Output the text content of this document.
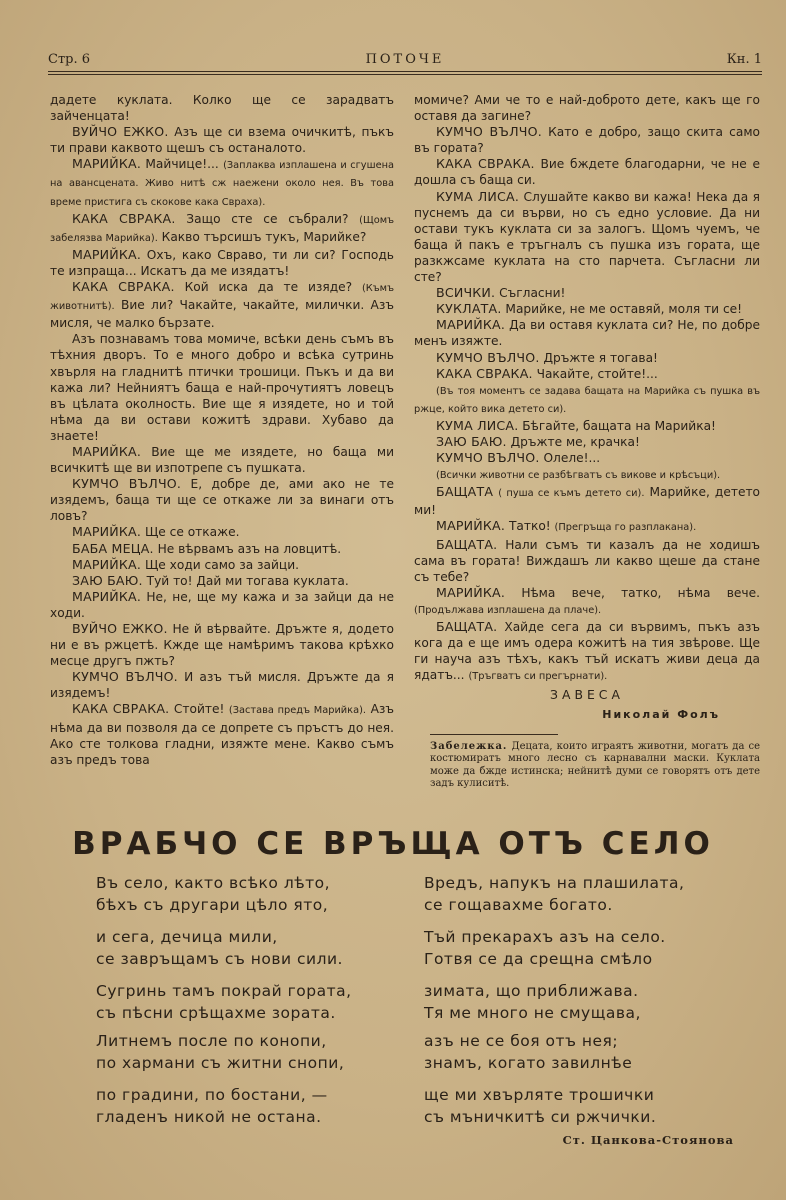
Стр. 6	ПОТОЧЕ	Кн. 1

дадете куклата. Колко ще се зарадватъ зайченцата!

ВУЙЧО ЕЖКО. Азъ ще си взема очичкитѣ, пъкъ ти прави каквото щешъ съ останалото.

МАРИЙКА. Майчице!... (Заплаква изплашена и сгушена на авансцената. Живо нитѣ сж наежени около нея. Въ това време пристига съ скокове кака Свраха).

КАКА СВРАКА. Защо сте се събрали? (Щомъ забелязва Марийка). Какво търсишъ тукъ, Марийке?

МАРИЙКА. Охъ, како Свраво, ти ли си? Господь те изпраща... Искатъ да ме изядатъ!

КАКА СВРАКА. Кой иска да те изяде? (Къмъ животнитѣ). Вие ли? Чакайте, чакайте, милички. Азъ мисля, че малко бързате.

Азъ познавамъ това момиче, всѣки день съмъ въ тѣхния дворъ. То е много добро и всѣка сутринь хвърля на гладнитѣ птички трошици. Пъкъ и да ви кажа ли? Нейниятъ баща е най-прочутиятъ ловецъ въ цѣлата околность. Вие ще я изядете, но и той нѣма да ви остави кожитѣ здрави. Хубаво да знаете!

МАРИЙКА. Вие ще ме изядете, но баща ми всичкитѣ ще ви изпотрепе съ пушката.

КУМЧО ВЪЛЧО. Е, добре де, ами ако не те изядемъ, баща ти ще се откаже ли за винаги отъ ловъ?

МАРИЙКА. Ще се откаже.

БАБА МЕЦА. Не вѣрвамъ азъ на ловцитѣ.

МАРИЙКА. Ще ходи само за зайци.

ЗАЮ БАЮ. Туй то! Дай ми тогава куклата.

МАРИЙКА. Не, не, ще му кажа и за зайци да не ходи.

ВУЙЧО ЕЖКО. Не й вѣрвайте. Дръжте я, додето ни е въ ржцетѣ. Кжде ще намѣримъ такова крѣхко месце другъ пжть?

КУМЧО ВЪЛЧО. И азъ тъй мисля. Дръжте да я изядемъ!

КАКА СВРАКА. Стойте! (Застава предъ Марийка). Азъ нѣма да ви позволя да се допрете съ пръстъ до нея. Ако сте толкова гладни, изяжте мене. Какво съмъ азъ предъ това

момиче? Ами че то е най-доброто дете, какъ ще го оставя да загине?

КУМЧО ВЪЛЧО. Като е добро, защо скита само въ гората?

КАКА СВРАКА. Вие бждете благодарни, че не е дошла съ баща си.

КУМА ЛИСА. Слушайте какво ви кажа! Нека да я пуснемъ да си върви, но съ едно условие. Да ни остави тукъ куклата си за залогъ. Щомъ чуемъ, че баща й пакъ е тръгналъ съ пушка изъ гората, ще разкжсаме куклата на сто парчета. Съгласни ли сте?

ВСИЧКИ. Съгласни!

КУКЛАТА. Марийке, не ме оставяй, моля ти се!

МАРИЙКА. Да ви оставя куклата си? Не, по добре менъ изяжте.

КУМЧО ВЪЛЧО. Дръжте я тогава!

КАКА СВРАКА. Чакайте, стойте!...

(Въ тоя моментъ се задава бащата на Марийка съ пушка въ ржце, който вика детето си).

КУМА ЛИСА. Бѣгайте, бащата на Марийка!

ЗАЮ БАЮ. Дръжте ме, крачка!

КУМЧО ВЪЛЧО. Олеле!...

(Всички животни се разбѣгватъ съ викове и крѣсъци).

БАЩАТА ( пуша се къмъ детето си). Марийке, детето ми!

МАРИЙКА. Татко! (Прегръща го разплакана).

БАЩАТА. Нали съмъ ти казалъ да не ходишъ сама въ гората! Виждашъ ли какво щеше да стане съ тебе?

МАРИЙКА. Нѣма вече, татко, нѣма вече. (Продължава изплашена да плаче).

БАЩАТА. Хайде сега да си вървимъ, пъкъ азъ кога да е ще имъ одера кожитѣ на тия звѣрове. Ще ги науча азъ тѣхъ, какъ тъй искатъ живи деца да ядатъ... (Тръгватъ си прегърнати).

ЗАВЕСА
Николай Фолъ
Забележка. Децата, които играятъ животни, могатъ да се костюмиратъ много лесно съ карнавални маски. Куклата може да бжде истинска; нейнитѣ думи се говорятъ отъ дете задъ кулиситѣ.
ВРАБЧО СЕ ВРЪЩА ОТЪ СЕЛО
Въ село, както всѣко лѣто,
бѣхъ съ другари цѣло ято,
и сега, дечица мили,
се завръщамъ съ нови сили.
Сугринь тамъ покрай гората,
съ пѣсни срѣщахме зората.
Литнемъ после по конопи,
по хармани съ житни снопи,
по градини, по бостани, —
гладенъ никой не остана.
Вредъ, напукъ на плашилата,
се гощавахме богато.
Тъй прекарахъ азъ на село.
Готвя се да срещна смѣло
зимата, що приближава.
Тя ме много не смущава,
азъ не се боя отъ нея;
знамъ, когато завилнѣе
ще ми хвърляте трошички
съ мъничкитѣ си ржчички.
Ст. Цанкова-Стоянова
